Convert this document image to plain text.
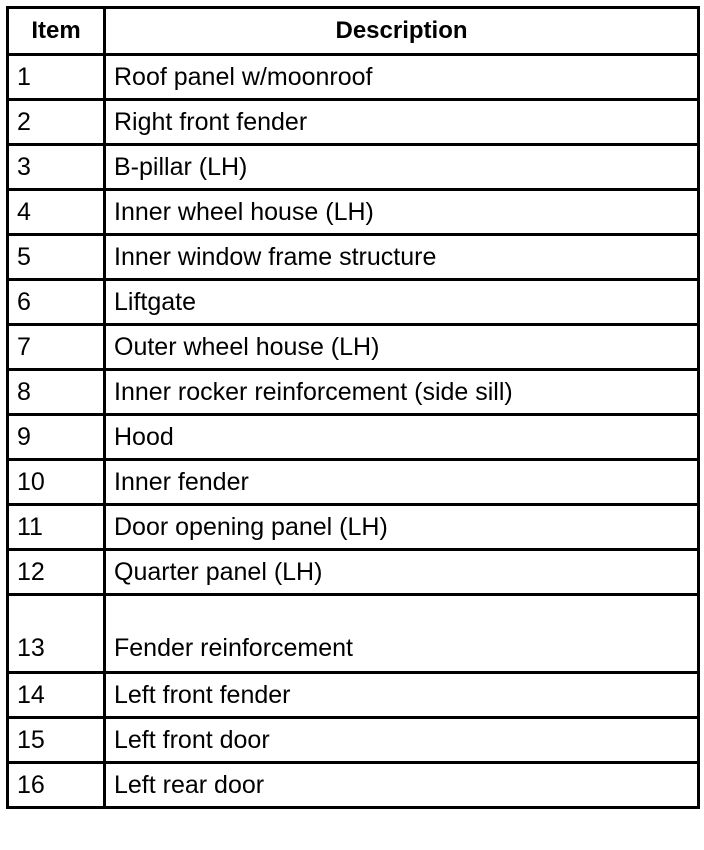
Item	Description
1	Roof panel w/moonroof
2	Right front fender
3	B-pillar (LH)
4	Inner wheel house (LH)
5	Inner window frame structure
6	Liftgate
7	Outer wheel house (LH)
8	Inner rocker reinforcement (side sill)
9	Hood
10	Inner fender
11	Door opening panel (LH)
12	Quarter panel (LH)
13	Fender reinforcement
14	Left front fender
15	Left front door
16	Left rear door
